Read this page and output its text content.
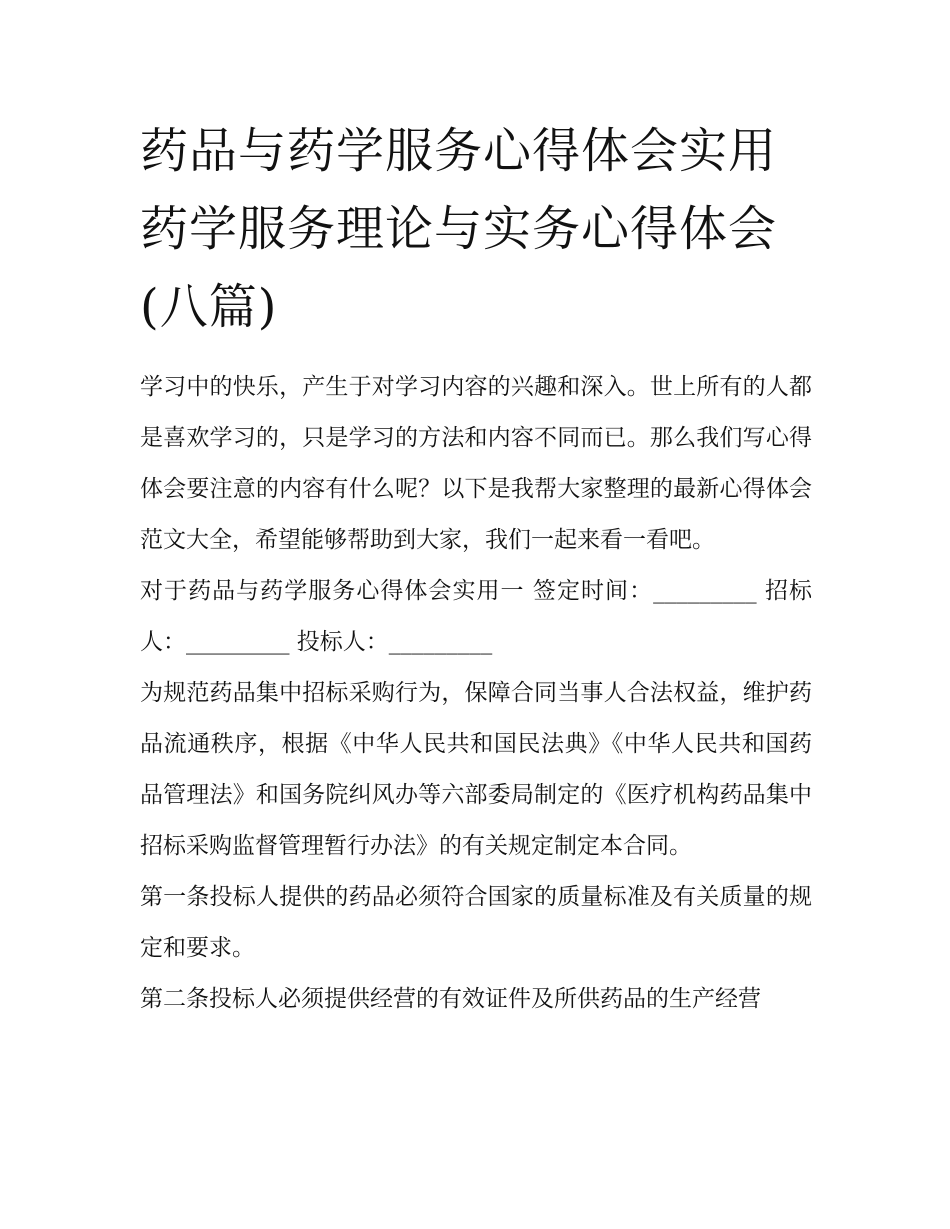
药品与药学服务心得体会实用药学服务理论与实务心得体会(八篇)

学习中的快乐，产生于对学习内容的兴趣和深入。世上所有的人都是喜欢学习的，只是学习的方法和内容不同而已。那么我们写心得体会要注意的内容有什么呢？以下是我帮大家整理的最新心得体会范文大全，希望能够帮助到大家，我们一起来看一看吧。

对于药品与药学服务心得体会实用一 签定时间：_________ 招标人：_________ 投标人：_________

为规范药品集中招标采购行为，保障合同当事人合法权益，维护药品流通秩序，根据《中华人民共和国民法典》《中华人民共和国药品管理法》和国务院纠风办等六部委局制定的《医疗机构药品集中招标采购监督管理暂行办法》的有关规定制定本合同。

第一条投标人提供的药品必须符合国家的质量标准及有关质量的规定和要求。

第二条投标人必须提供经营的有效证件及所供药品的生产经营
